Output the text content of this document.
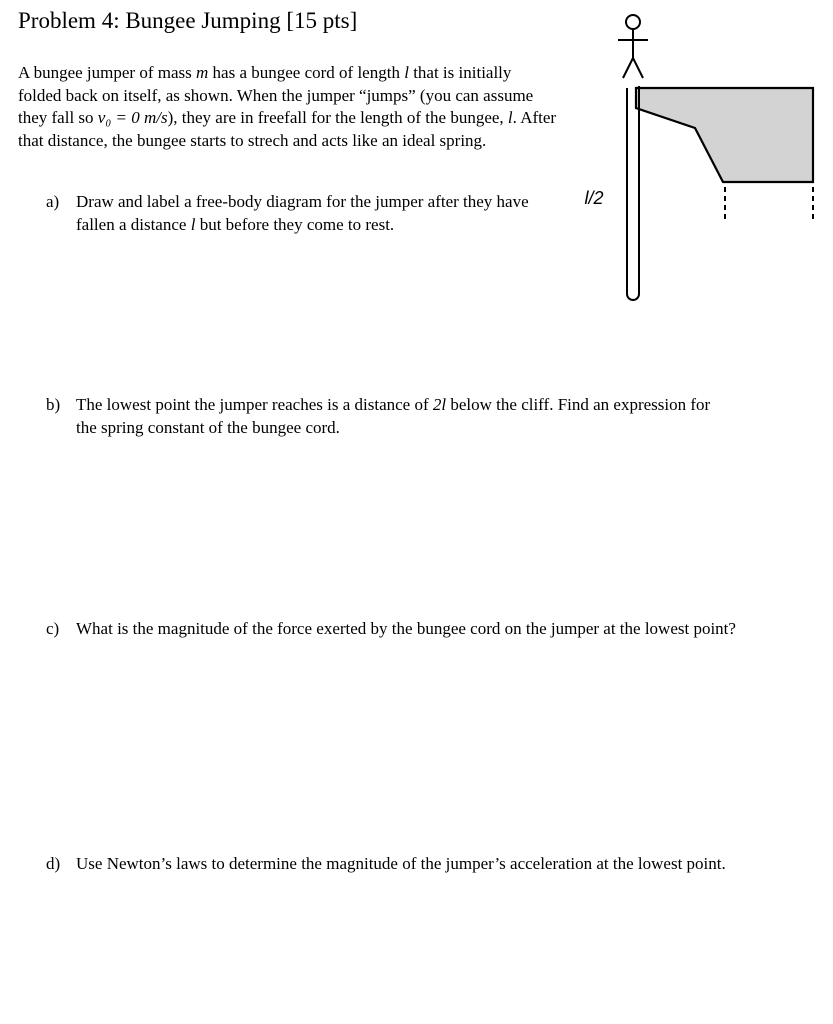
Problem 4: Bungee Jumping [15 pts]

A bungee jumper of mass m has a bungee cord of length l that is initially folded back on itself, as shown. When the jumper “jumps” (you can assume they fall so v₀ = 0 m/s), they are in freefall for the length of the bungee, l. After that distance, the bungee starts to strech and acts like an ideal spring.

a) Draw and label a free-body diagram for the jumper after they have fallen a distance l but before they come to rest.
b) The lowest point the jumper reaches is a distance of 2l below the cliff. Find an expression for the spring constant of the bungee cord.
c) What is the magnitude of the force exerted by the bungee cord on the jumper at the lowest point?
d) Use Newton’s laws to determine the magnitude of the jumper’s acceleration at the lowest point.
l/2
